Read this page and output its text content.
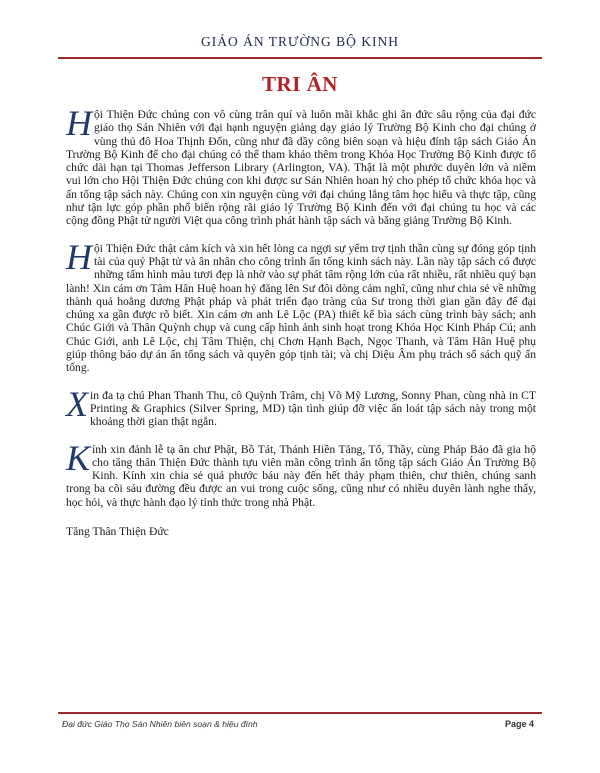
GIÁO ÁN TRƯỜNG BỘ KINH
TRI ÂN

H ội Thiện Đức chúng con vô cùng trân quí và luôn mãi khắc ghi ân đức sâu rộng của đại đức giáo thọ Sán Nhiên với đại hạnh nguyện giảng dạy giáo lý Trường Bộ Kinh cho đại chúng ở vùng thủ đô Hoa Thịnh Đốn, cũng như đã dầy công biên soạn và hiệu đính tập sách Giáo Án Trường Bộ Kinh để cho đại chúng có thể tham khảo thêm trong Khóa Học Trường Bộ Kinh được tổ chức dài hạn tại Thomas Jefferson Library (Arlington, VA). Thật là một phước duyên lớn và niềm vui lớn cho Hội Thiện Đức chúng con khi được sư Sán Nhiên hoan hỷ cho phép tổ chức khóa học và ấn tống tập sách này. Chúng con xin nguyện cùng với đại chúng lắng tâm học hiểu và thực tập, cũng như tận lực góp phần phổ biến rộng rãi giáo lý Trường Bộ Kinh đến với đại chúng tu học và các cộng đồng Phật tử người Việt qua công trình phát hành tập sách và băng giảng Trường Bộ Kinh.

H ội Thiện Đức thật cảm kích và xin hết lòng ca ngợi sự yểm trợ tịnh thần cùng sự đóng góp tịnh tài của quý Phật tử và ân nhân cho công trình ấn tống kinh sách này. Lần này tập sách có được những tấm hình màu tươi đẹp là nhờ vào sự phát tâm rộng lớn của rất nhiều, rất nhiều quý bạn lành! Xin cám ơn Tâm Hân Huệ hoan hỷ đăng lên Sư đôi dòng cảm nghĩ, cũng như chia sẻ về những thành quả hoằng dương Phật pháp và phát triển đạo tràng của Sư trong thời gian gần đây để đại chúng xa gần được rõ biết. Xin cám ơn anh Lê Lộc (PA) thiết kế bìa sách cùng trình bày sách; anh Chúc Giới và Thân Quỳnh chụp và cung cấp hình ảnh sinh hoạt trong Khóa Học Kinh Pháp Cú; anh Chúc Giới, anh Lê Lộc, chị Tâm Thiện, chị Chơn Hạnh Bạch, Ngọc Thanh, và Tâm Hân Huệ phụ giúp thông báo dự án ấn tống sách và quyên góp tịnh tài; và chị Diệu Âm phụ trách sổ sách quỹ ấn tống.

X in đa tạ chú Phan Thanh Thu, cô Quỳnh Trâm, chị Võ Mỹ Lương, Sonny Phan, cùng nhà in CT Printing & Graphics (Silver Spring, MD) tận tình giúp đỡ việc ấn loát tập sách này trong một khoảng thời gian thật ngắn.

K ính xin đảnh lễ tạ ân chư Phật, Bồ Tát, Thánh Hiền Tăng, Tổ, Thầy, cùng Pháp Bảo đã gia hộ cho tăng thân Thiện Đức thành tựu viên mãn công trình ấn tống tập sách Giáo Án Trường Bộ Kinh. Kính xin chia sẻ quả phước báu này đến hết thảy phạm thiên, chư thiên, chúng sanh trong ba cõi sáu đường đều được an vui trong cuộc sống, cũng như có nhiều duyên lành nghe thấy, học hỏi, và thực hành đạo lý tỉnh thức trong nhà Phật.

Tăng Thân Thiện Đức
Đại đức Giáo Thọ Sán Nhiên biên soạn & hiệu đính	Page 4
